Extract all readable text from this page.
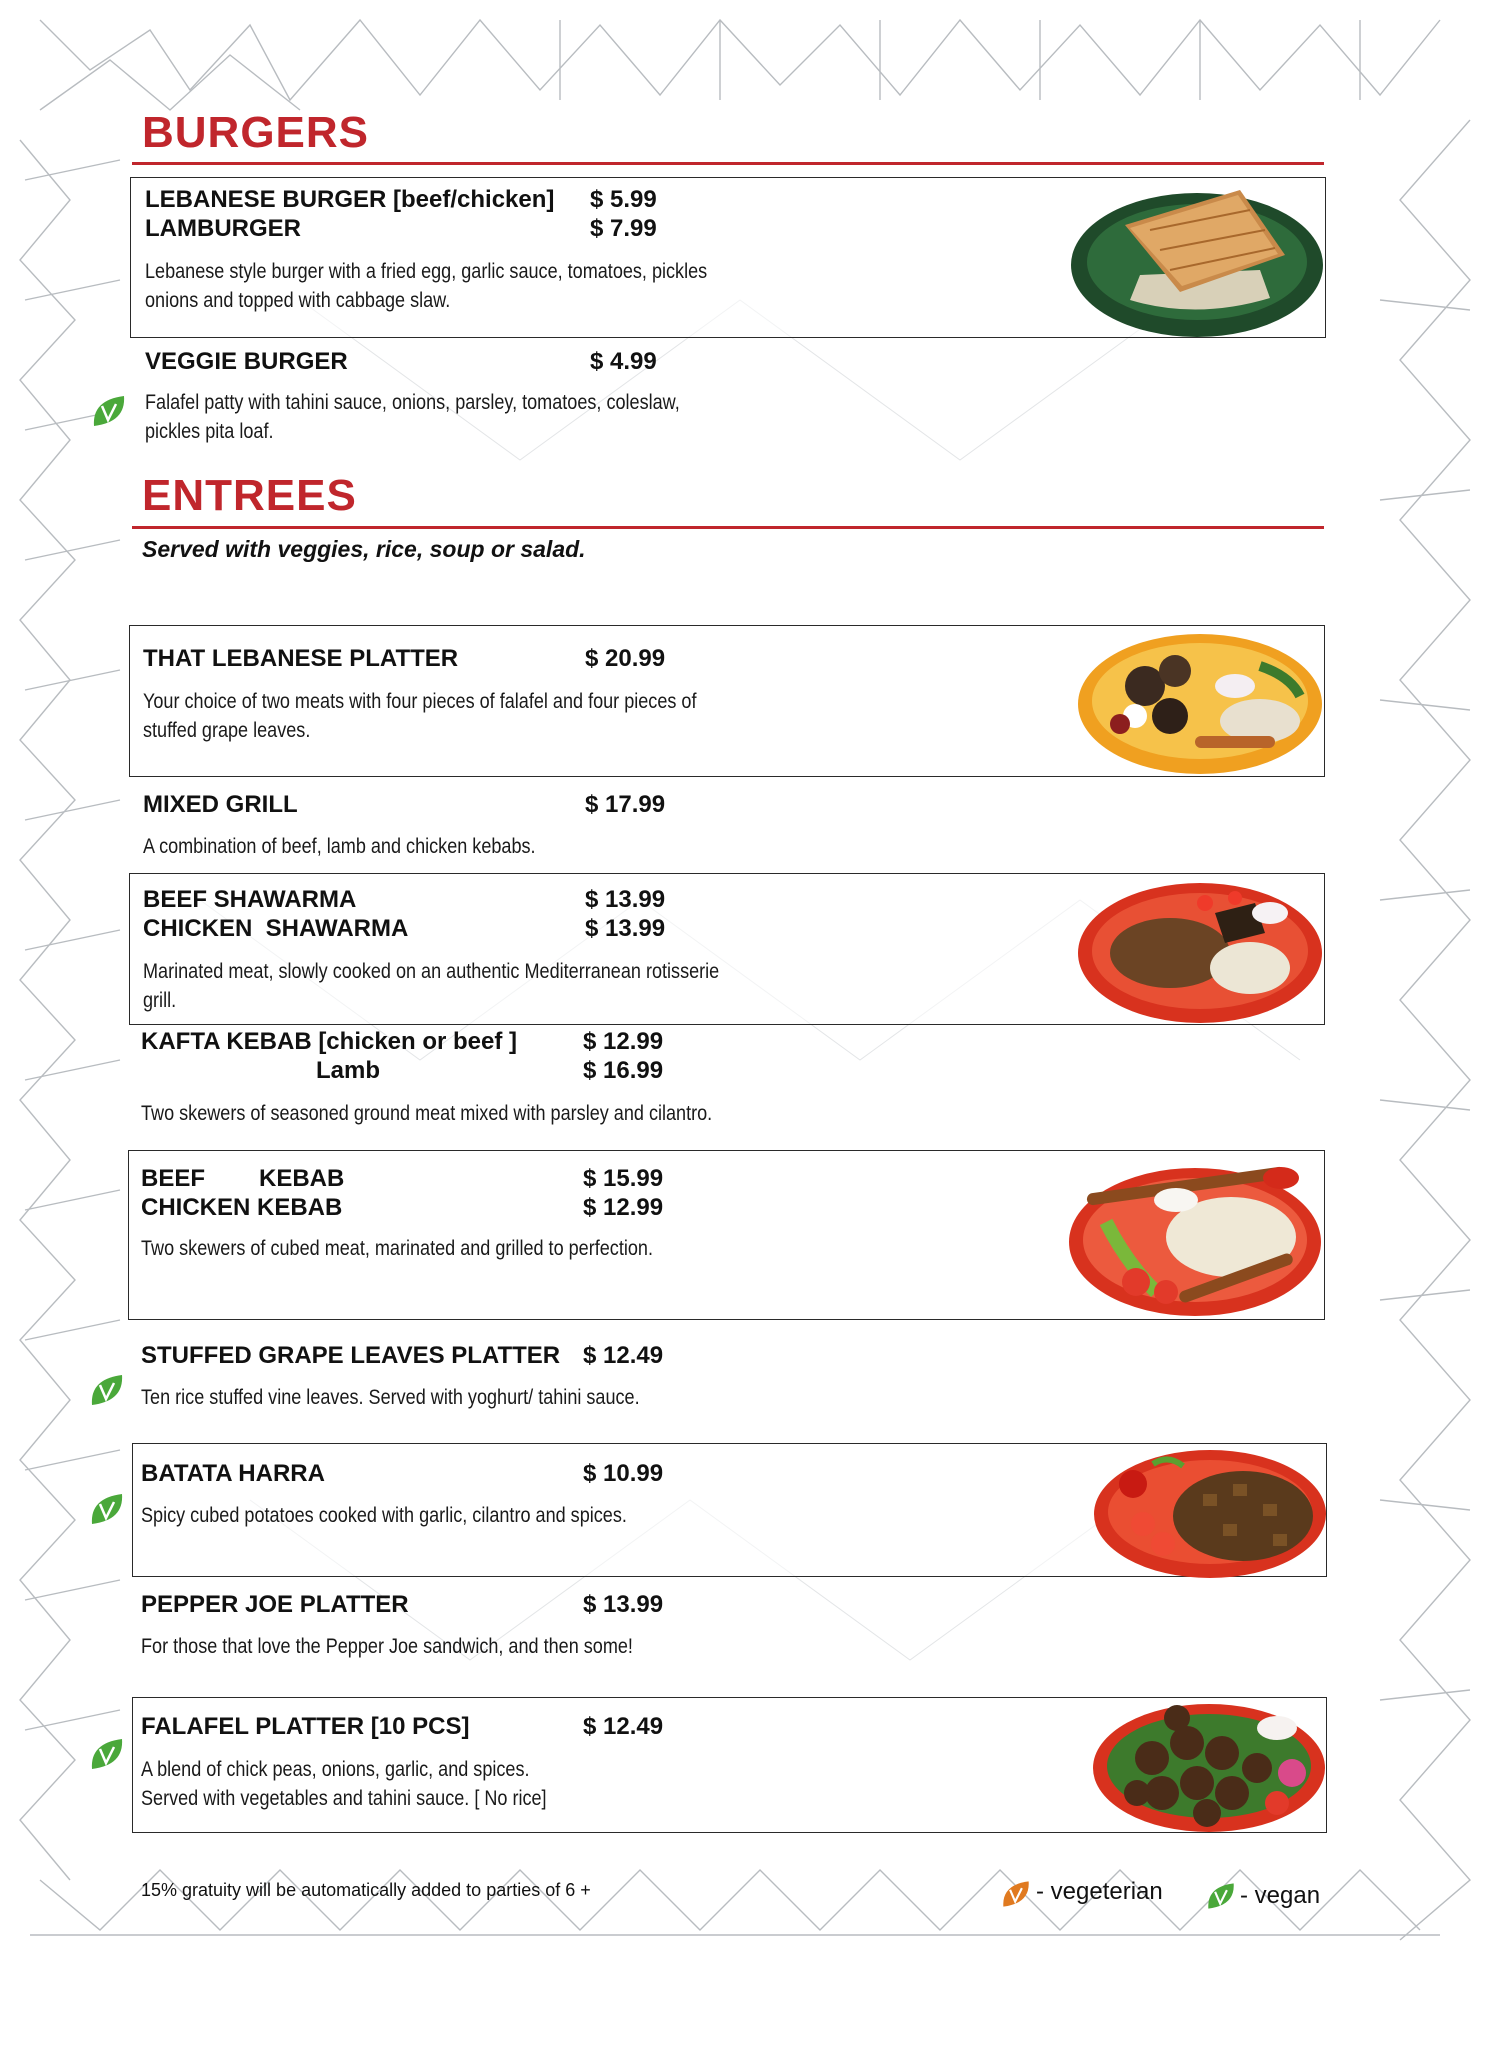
BURGERS
LEBANESE BURGER [beef/chicken] $ 5.99
LAMBURGER	$ 7.99
Lebanese style burger with a fried egg, garlic sauce, tomatoes, pickles
onions and topped with cabbage slaw.
VEGGIE BURGER	$ 4.99
Falafel patty with tahini sauce, onions, parsley, tomatoes, coleslaw,
pickles pita loaf.
ENTREES
Served with veggies, rice, soup or salad.
THAT LEBANESE PLATTER	$ 20.99
Your choice of two meats with four pieces of falafel and four pieces of
stuffed grape leaves.
MIXED GRILL	$ 17.99
A combination of beef, lamb and chicken kebabs.
BEEF SHAWARMA	$ 13.99
CHICKEN  SHAWARMA	$ 13.99
Marinated meat, slowly cooked on an authentic Mediterranean rotisserie
grill.
KAFTA KEBAB [chicken or beef ]	$ 12.99
Lamb	$ 16.99
Two skewers of seasoned ground meat mixed with parsley and cilantro.
BEEF KEBAB	$ 15.99
CHICKEN KEBAB	$ 12.99
Two skewers of cubed meat, marinated and grilled to perfection.
STUFFED GRAPE LEAVES PLATTER $ 12.49
Ten rice stuffed vine leaves. Served with yoghurt/ tahini sauce.
BATATA HARRA	$ 10.99
Spicy cubed potatoes cooked with garlic, cilantro and spices.
PEPPER JOE PLATTER	$ 13.99
For those that love the Pepper Joe sandwich, and then some!
FALAFEL PLATTER [10 PCS]	$ 12.49
A blend of chick peas, onions, garlic, and spices.
Served with vegetables and tahini sauce. [ No rice]
15% gratuity will be automatically added to parties of 6 +	- vegeterian	- vegan
